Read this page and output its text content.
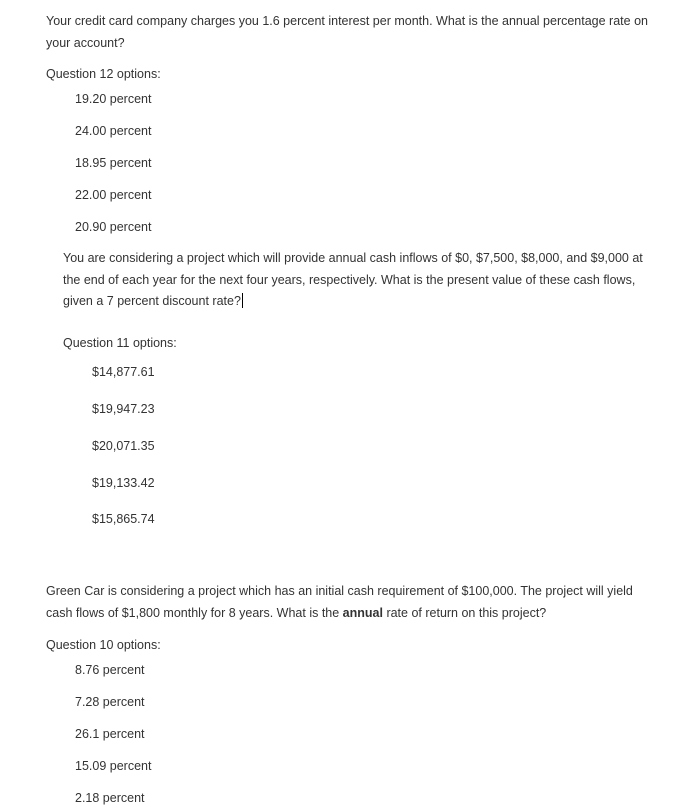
Your credit card company charges you 1.6 percent interest per month. What is the annual percentage rate on your account?

Question 12 options:

19.20 percent

24.00 percent

18.95 percent

22.00 percent

20.90 percent

You are considering a project which will provide annual cash inflows of $0, $7,500, $8,000, and $9,000 at the end of each year for the next four years, respectively. What is the present value of these cash flows, given a 7 percent discount rate?

Question 11 options:

$14,877.61

$19,947.23

$20,071.35

$19,133.42

$15,865.74

Green Car is considering a project which has an initial cash requirement of $100,000. The project will yield cash flows of $1,800 monthly for 8 years. What is the annual rate of return on this project?

Question 10 options:

8.76 percent

7.28 percent

26.1 percent

15.09 percent

2.18 percent
